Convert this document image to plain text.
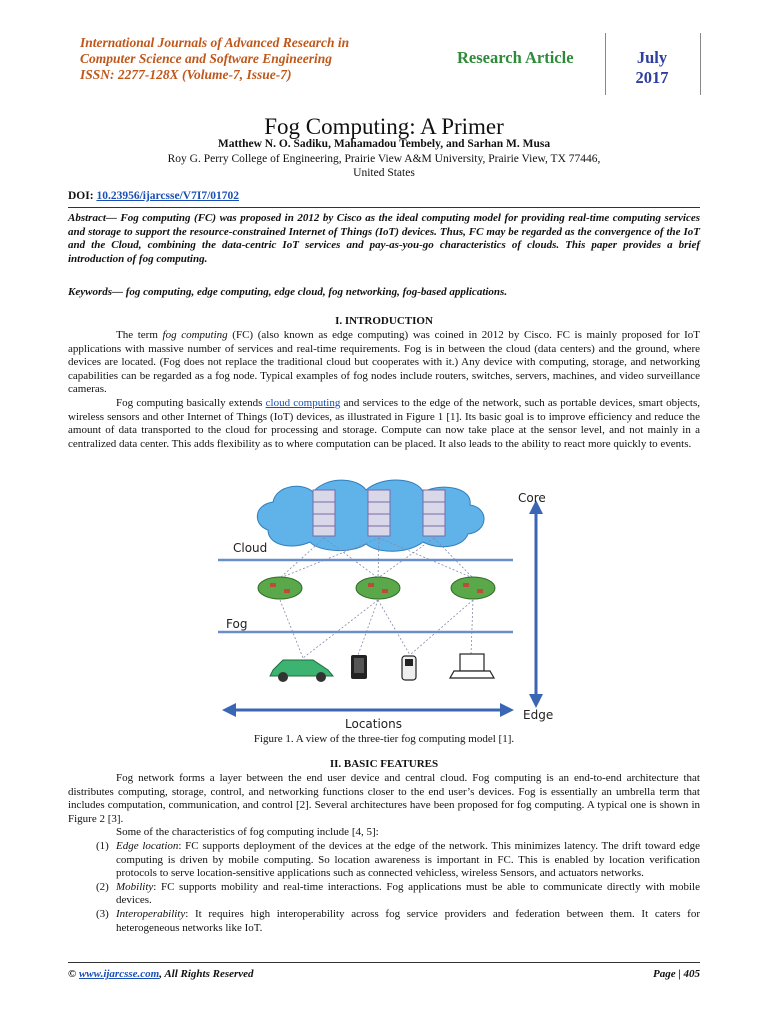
International Journals of Advanced Research in
Computer Science and Software Engineering
ISSN: 2277-128X (Volume-7, Issue-7)
Research Article	July
2017
Fog Computing: A Primer
Matthew N. O. Sadiku, Mahamadou Tembely, and Sarhan M. Musa
Roy G. Perry College of Engineering, Prairie View A&M University, Prairie View, TX 77446,
United States
DOI: 10.23956/ijarcsse/V7I7/01702
Abstract— Fog computing (FC) was proposed in 2012 by Cisco as the ideal computing model for providing real-time computing services and storage to support the resource-constrained Internet of Things (IoT) devices. Thus, FC may be regarded as the convergence of the IoT and the Cloud, combining the data-centric IoT services and pay-as-you-go characteristics of clouds. This paper provides a brief introduction of fog computing.
Keywords— fog computing, edge computing, edge cloud, fog networking, fog-based applications.
I. INTRODUCTION

The term fog computing (FC) (also known as edge computing) was coined in 2012 by Cisco. FC is mainly proposed for IoT applications with massive number of services and real-time requirements. Fog is in between the cloud (data centers) and the ground, where devices are located. (Fog does not replace the traditional cloud but cooperates with it.) Any device with computing, storage, and networking capabilities can be regarded as a fog node. Typical examples of fog nodes include routers, switches, servers, machines, and video surveillance cameras.

Fog computing basically extends cloud computing and services to the edge of the network, such as portable devices, smart objects, wireless sensors and other Internet of Things (IoT) devices, as illustrated in Figure 1 [1]. Its basic goal is to improve efficiency and reduce the amount of data transported to the cloud for processing and storage. Compute can now take place at the sensor level, and not mainly in a centralized data center. This adds flexibility as to where computation can be placed. It also leads to the ability to react more quickly to events.

Cloud
Fog
Core
Edge
Locations
Figure 1. A view of the three-tier fog computing model [1].
II. BASIC FEATURES

Fog network forms a layer between the end user device and central cloud. Fog computing is an end-to-end architecture that distributes computing, storage, control, and networking functions closer to the end user’s devices. Fog is essentially an umbrella term that includes computation, communication, and control [2]. Several architectures have been proposed for fog computing. A typical one is shown in Figure 2 [3].

Some of the characteristics of fog computing include [4, 5]:

(1) Edge location: FC supports deployment of the devices at the edge of the network. This minimizes latency. The drift toward edge computing is driven by mobile computing. So location awareness is important in FC. This is enabled by location verification protocols to serve location-sensitive applications such as connected vehicless, wireless Sensors, and actuators networks.
(2) Mobility: FC supports mobility and real-time interactions. Fog applications must be able to communicate directly with mobile devices.
(3) Interoperability: It requires high interoperability across fog service providers and federation between them. It caters for heterogeneous networks like IoT.
© www.ijarcsse.com, All Rights Reserved	Page | 405
